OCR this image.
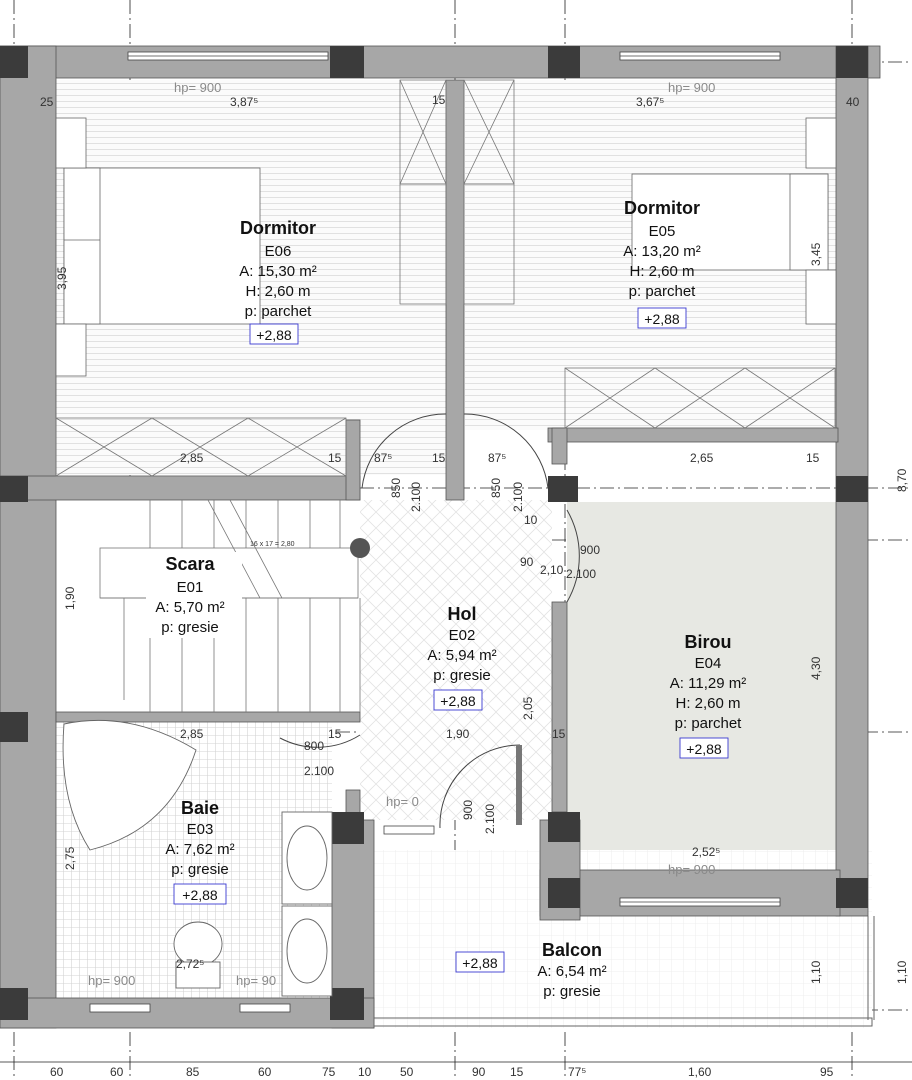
hp= 900	hp= 900
hp= 900
hp= 0
hp= 900	hp= 90
3,87⁵	3,67⁵
2,85	2,65
2,85
2,52⁵
1,90
2,72⁵
15
15	15
15	15
87⁵	87⁵	15
25	40
10
90
2,10
3,95
3,45
1,90
2,75
4,30
2,05
8,70
1,10	1,10
850 2.100	850 2.100
900
2.100
800
2.100
900 2.100
16 x 17 = 2,80
60	60	85	60	75 10 50	90 15	77⁵	1,60	95
Dormitor
E06
A: 15,30 m²
H: 2,60 m
p: parchet
+2,88
Dormitor
E05
A: 13,20 m²
H: 2,60 m
p: parchet
+2,88
Scara
E01
A: 5,70 m²
p: gresie
Hol
E02
A: 5,94 m²
p: gresie
+2,88
Birou
E04
A: 11,29 m²
H: 2,60 m
p: parchet
+2,88
Baie
E03
A: 7,62 m²
p: gresie
+2,88
Balcon
A: 6,54 m²
p: gresie
+2,88
